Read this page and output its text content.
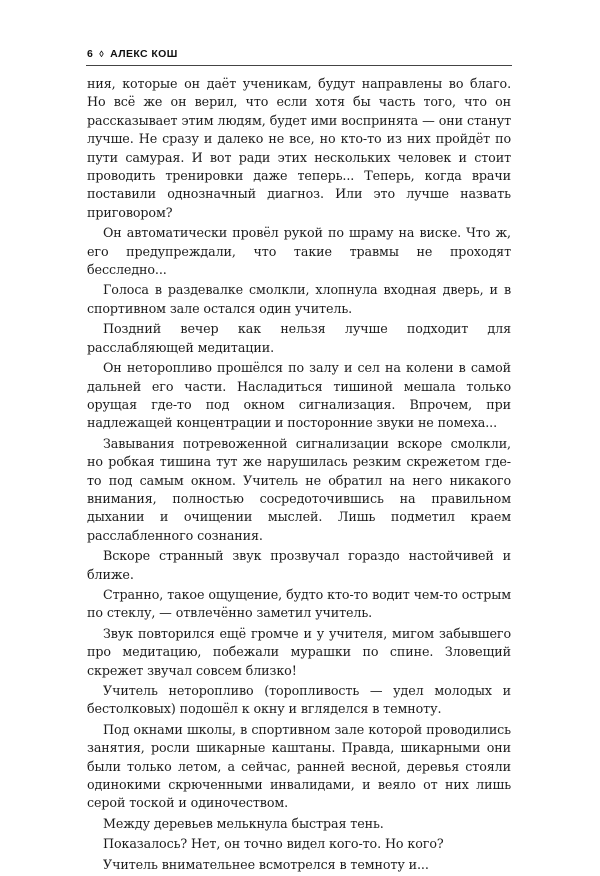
6 ◊ АЛЕКС КОШ

ния, которые он даёт ученикам, будут направлены во благо. Но всё же он верил, что если хотя бы часть того, что он рассказывает этим людям, будет ими воспринята — они станут лучше. Не сразу и далеко не все, но кто-то из них пройдёт по пути самурая. И вот ради этих нескольких человек и стоит проводить тренировки даже теперь... Теперь, когда врачи поставили однозначный диагноз. Или это лучше назвать приговором?

Он автоматически провёл рукой по шраму на виске. Что ж, его предупреждали, что такие травмы не проходят бесследно...

Голоса в раздевалке смолкли, хлопнула входная дверь, и в спортивном зале остался один учитель.

Поздний вечер как нельзя лучше подходит для расслабляющей медитации.

Он неторопливо прошёлся по залу и сел на колени в самой дальней его части. Насладиться тишиной мешала только орущая где-то под окном сигнализация. Впрочем, при надлежащей концентрации и посторонние звуки не помеха...

Завывания потревоженной сигнализации вскоре смолкли, но робкая тишина тут же нарушилась резким скрежетом где-то под самым окном. Учитель не обратил на него никакого внимания, полностью сосредоточившись на правильном дыхании и очищении мыслей. Лишь подметил краем расслабленного сознания.

Вскоре странный звук прозвучал гораздо настойчивей и ближе.

Странно, такое ощущение, будто кто-то водит чем-то острым по стеклу, — отвлечённо заметил учитель.

Звук повторился ещё громче и у учителя, мигом забывшего про медитацию, побежали мурашки по спине. Зловещий скрежет звучал совсем близко!

Учитель неторопливо (торопливость — удел молодых и бестолковых) подошёл к окну и вгляделся в темноту.

Под окнами школы, в спортивном зале которой проводились занятия, росли шикарные каштаны. Правда, шикарными они были только летом, а сейчас, ранней весной, деревья стояли одинокими скрюченными инвалидами, и веяло от них лишь серой тоской и одиночеством.

Между деревьев мелькнула быстрая тень.

Показалось? Нет, он точно видел кого-то. Но кого?

Учитель внимательнее всмотрелся в темноту и...
